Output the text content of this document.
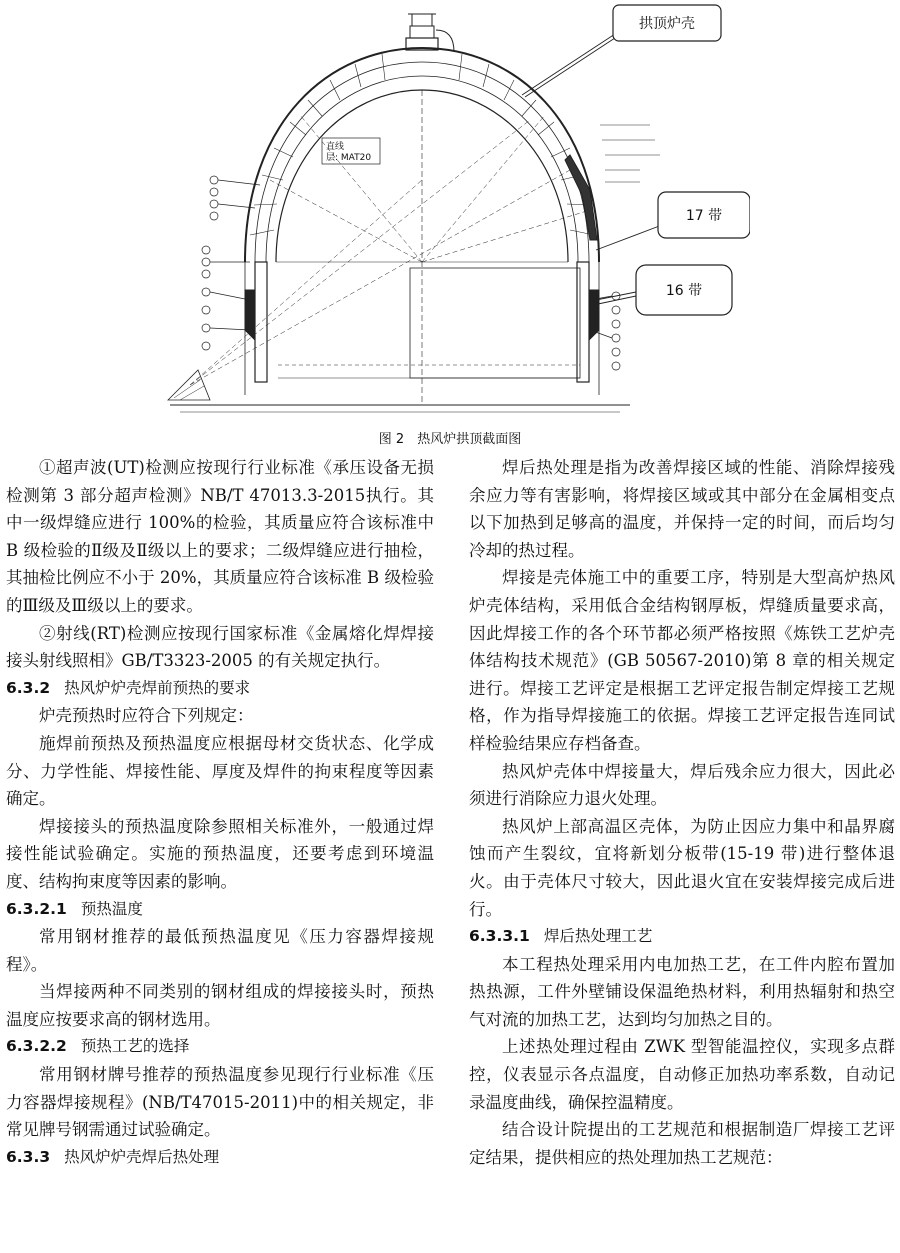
拱顶炉壳
17 带
16 带
直线
层: MAT20
图 2　热风炉拱顶截面图

①超声波(UT)检测应按现行行业标准《承压设备无损检测第 3 部分超声检测》NB/T 47013.3-2015执行。其中一级焊缝应进行 100%的检验，其质量应符合该标准中 B 级检验的Ⅱ级及Ⅱ级以上的要求；二级焊缝应进行抽检，其抽检比例应不小于 20%，其质量应符合该标准 B 级检验的Ⅲ级及Ⅲ级以上的要求。

②射线(RT)检测应按现行国家标准《金属熔化焊焊接接头射线照相》GB/T3323-2005 的有关规定执行。

6.3.2 热风炉炉壳焊前预热的要求

炉壳预热时应符合下列规定：

施焊前预热及预热温度应根据母材交货状态、化学成分、力学性能、焊接性能、厚度及焊件的拘束程度等因素确定。

焊接接头的预热温度除参照相关标准外，一般通过焊接性能试验确定。实施的预热温度，还要考虑到环境温度、结构拘束度等因素的影响。

6.3.2.1 预热温度

常用钢材推荐的最低预热温度见《压力容器焊接规程》。

当焊接两种不同类别的钢材组成的焊接接头时，预热温度应按要求高的钢材选用。

6.3.2.2 预热工艺的选择

常用钢材牌号推荐的预热温度参见现行行业标准《压力容器焊接规程》(NB/T47015-2011)中的相关规定，非常见牌号钢需通过试验确定。

6.3.3 热风炉炉壳焊后热处理

焊后热处理是指为改善焊接区域的性能、消除焊接残余应力等有害影响，将焊接区域或其中部分在金属相变点以下加热到足够高的温度，并保持一定的时间，而后均匀冷却的热过程。

焊接是壳体施工中的重要工序，特别是大型高炉热风炉壳体结构，采用低合金结构钢厚板，焊缝质量要求高，因此焊接工作的各个环节都必须严格按照《炼铁工艺炉壳体结构技术规范》(GB 50567-2010)第 8 章的相关规定进行。焊接工艺评定是根据工艺评定报告制定焊接工艺规格，作为指导焊接施工的依据。焊接工艺评定报告连同试样检验结果应存档备查。

热风炉壳体中焊接量大，焊后残余应力很大，因此必须进行消除应力退火处理。

热风炉上部高温区壳体，为防止因应力集中和晶界腐蚀而产生裂纹，宜将新划分板带(15-19 带)进行整体退火。由于壳体尺寸较大，因此退火宜在安装焊接完成后进行。

6.3.3.1 焊后热处理工艺

本工程热处理采用内电加热工艺，在工件内腔布置加热热源，工件外壁铺设保温绝热材料，利用热辐射和热空气对流的加热工艺，达到均匀加热之目的。

上述热处理过程由 ZWK 型智能温控仪，实现多点群控，仪表显示各点温度，自动修正加热功率系数，自动记录温度曲线，确保控温精度。

结合设计院提出的工艺规范和根据制造厂焊接工艺评定结果，提供相应的热处理加热工艺规范：
